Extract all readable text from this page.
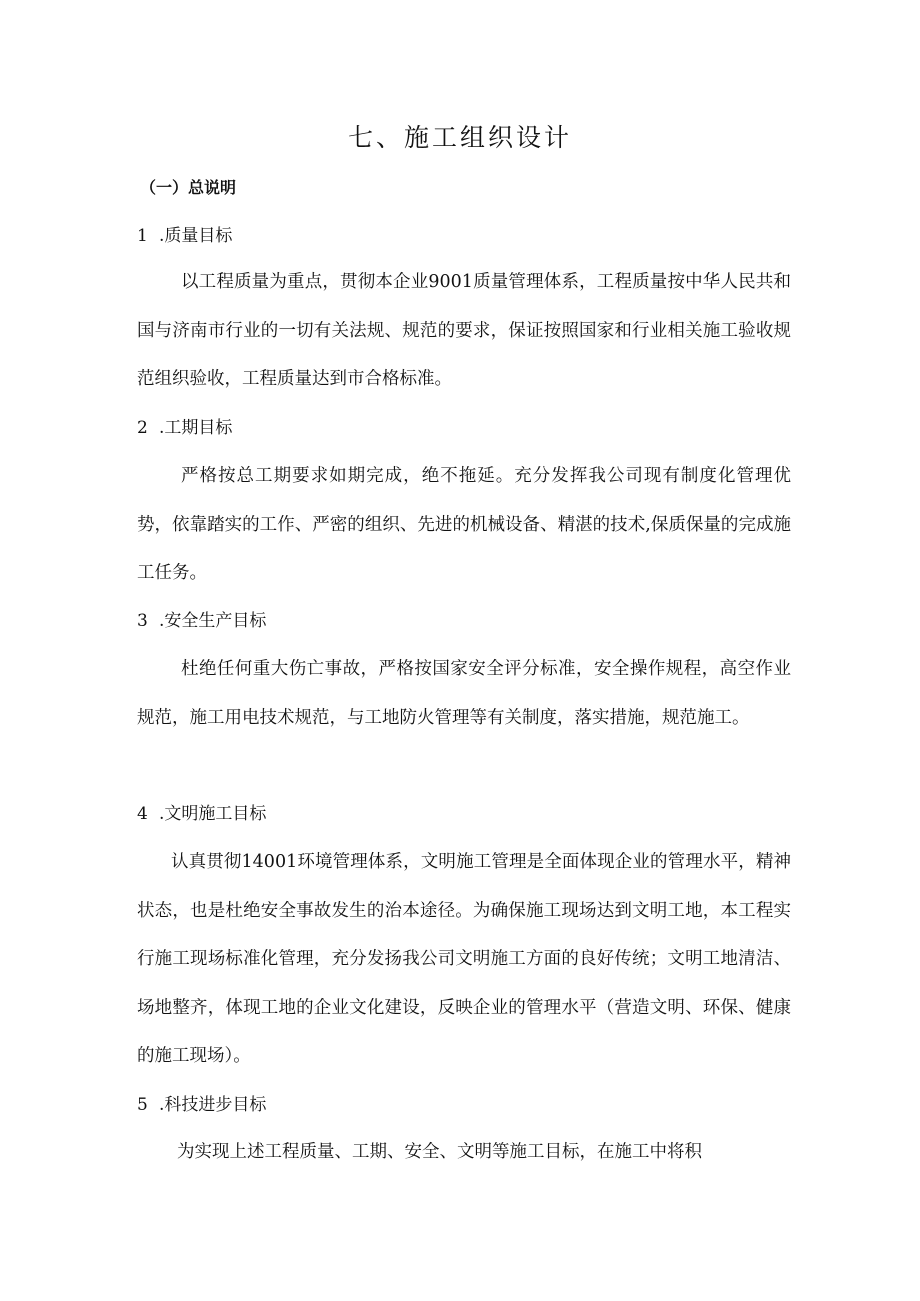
七、施工组织设计
（一）总说明
1 .质量目标
以工程质量为重点，贯彻本企业9001质量管理体系，工程质量按中华人民共和国与济南市行业的一切有关法规、规范的要求，保证按照国家和行业相关施工验收规范组织验收，工程质量达到市合格标准。
2 .工期目标
严格按总工期要求如期完成，绝不拖延。充分发挥我公司现有制度化管理优势，依靠踏实的工作、严密的组织、先进的机械设备、精湛的技术,保质保量的完成施工任务。
3 .安全生产目标
杜绝任何重大伤亡事故，严格按国家安全评分标准，安全操作规程，高空作业规范，施工用电技术规范，与工地防火管理等有关制度，落实措施，规范施工。
4 .文明施工目标
认真贯彻14001环境管理体系，文明施工管理是全面体现企业的管理水平，精神状态，也是杜绝安全事故发生的治本途径。为确保施工现场达到文明工地，本工程实行施工现场标准化管理，充分发扬我公司文明施工方面的良好传统；文明工地清洁、场地整齐，体现工地的企业文化建设，反映企业的管理水平（营造文明、环保、健康的施工现场）。
5 .科技进步目标
为实现上述工程质量、工期、安全、文明等施工目标，在施工中将积
